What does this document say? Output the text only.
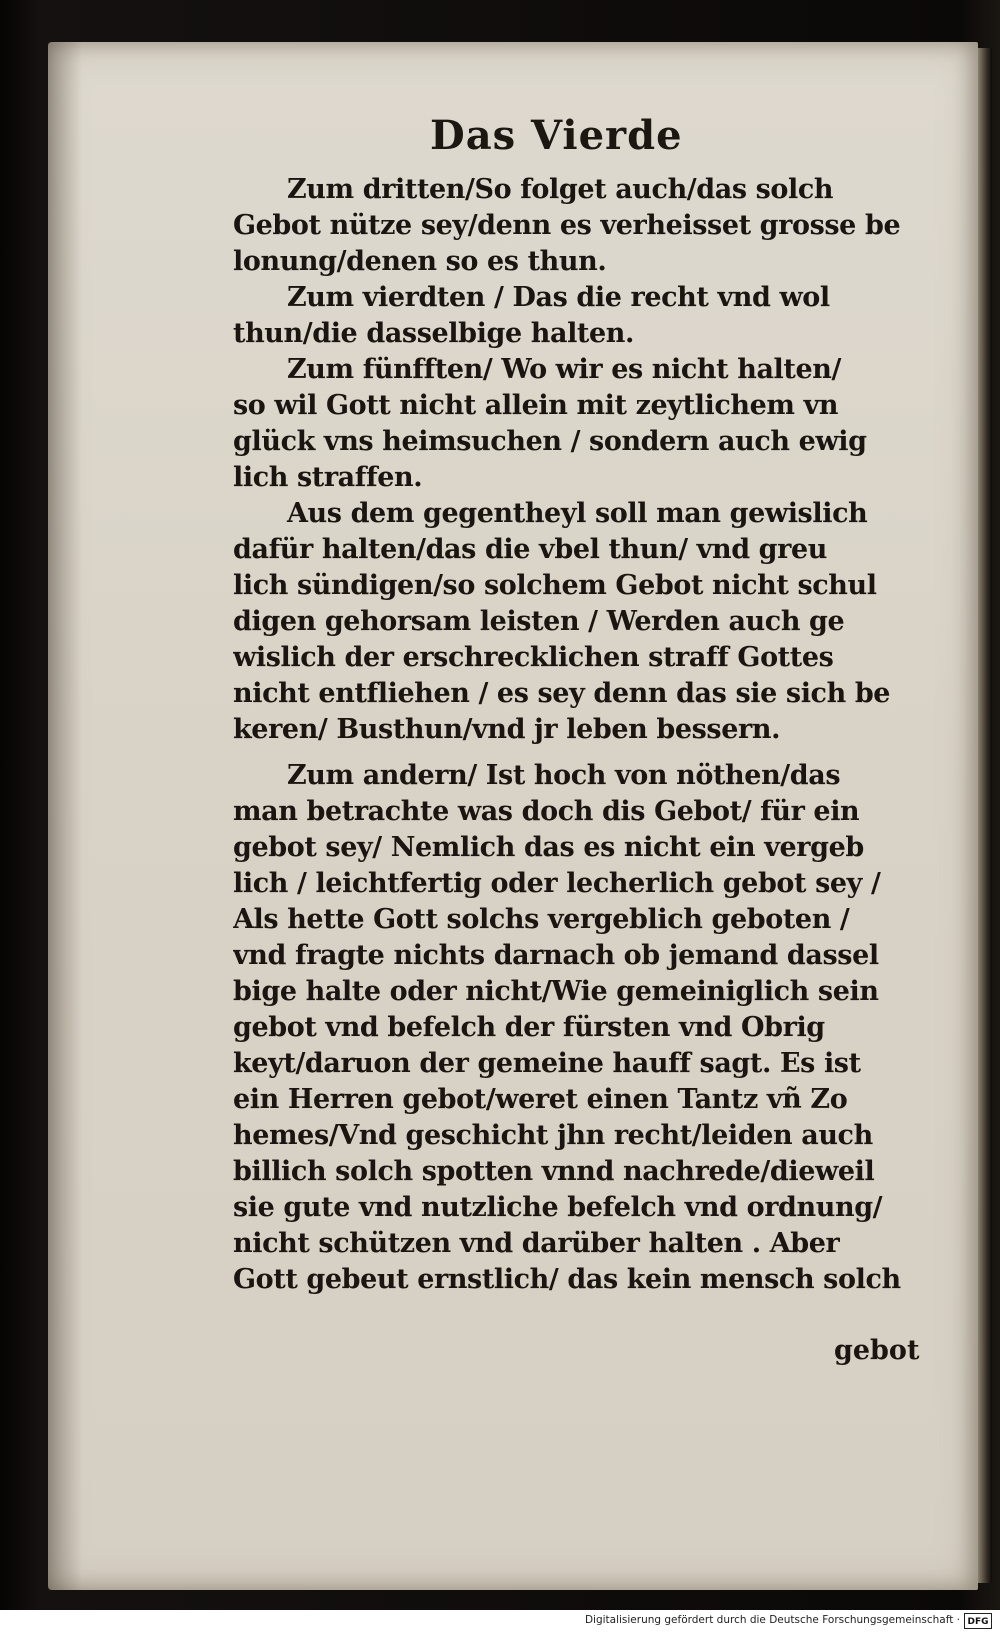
Das Vierde
Zum dritten/So folget auch/das solch
Gebot nütze sey/denn es verheisset grosse be
lonung/denen so es thun.
Zum vierdten / Das die recht vnd wol
thun/die dasselbige halten.
Zum fünfften/ Wo wir es nicht halten/
so wil Gott nicht allein mit zeytlichem vn
glück vns heimsuchen / sondern auch ewig
lich straffen.
Aus dem gegentheyl soll man gewislich
dafür halten/das die vbel thun/ vnd greu
lich sündigen/so solchem Gebot nicht schul
digen gehorsam leisten / Werden auch ge
wislich der erschrecklichen straff Gottes
nicht entfliehen / es sey denn das sie sich be
keren/ Busthun/vnd jr leben bessern.
Zum andern/ Ist hoch von nöthen/das
man betrachte was doch dis Gebot/ für ein
gebot sey/ Nemlich das es nicht ein vergeb
lich / leichtfertig oder lecherlich gebot sey /
Als hette Gott solchs vergeblich geboten /
vnd fragte nichts darnach ob jemand dassel
bige halte oder nicht/Wie gemeiniglich sein
gebot vnd befelch der fürsten vnd Obrig
keyt/daruon der gemeine hauff sagt. Es ist
ein Herren gebot/weret einen Tantz vñ Zo
hemes/Vnd geschicht jhn recht/leiden auch
billich solch spotten vnnd nachrede/dieweil
sie gute vnd nutzliche befelch vnd ordnung/
nicht schützen vnd darüber halten . Aber
Gott gebeut ernstlich/ das kein mensch solch
gebot
Digitalisierung gefördert durch die Deutsche Forschungsgemeinschaft · DFG
